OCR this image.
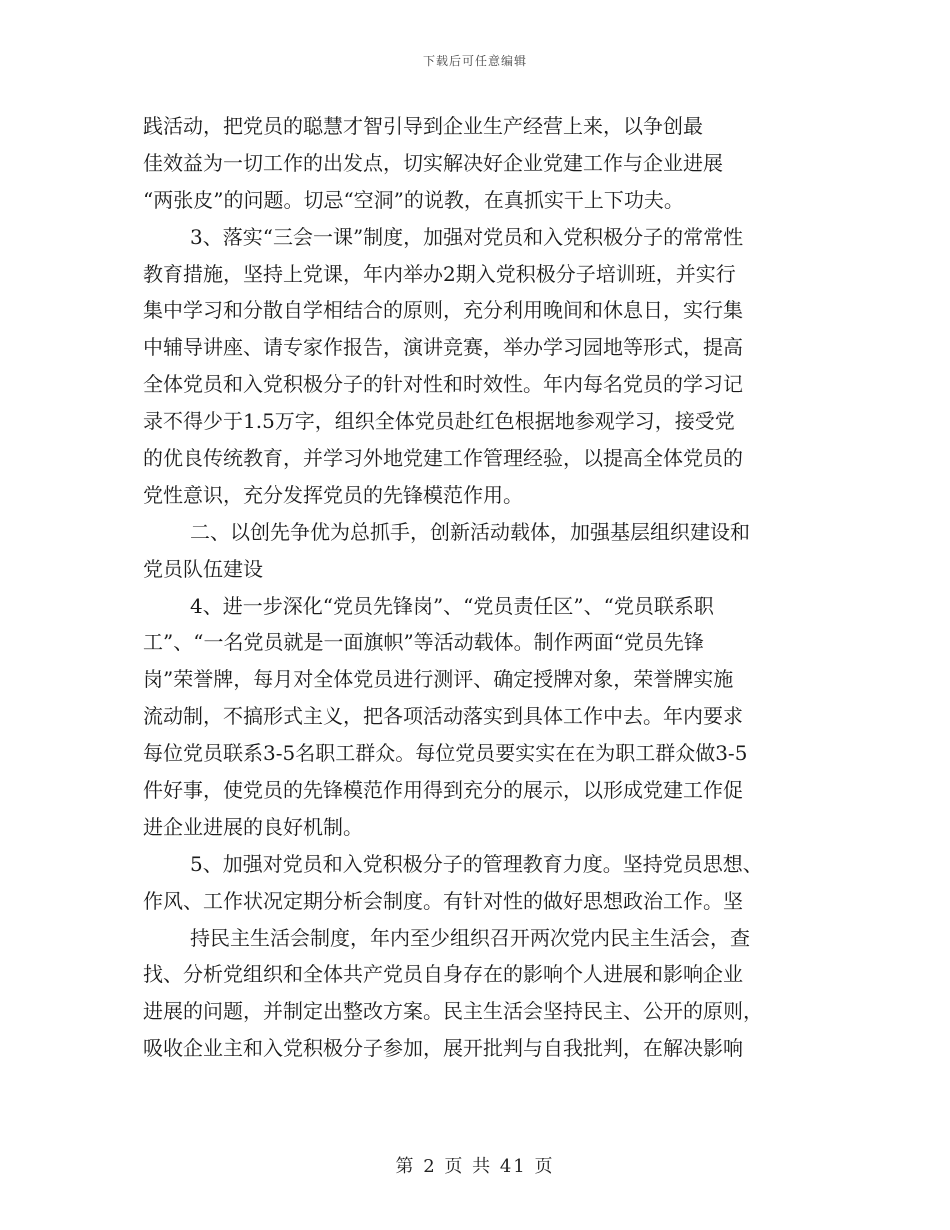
下载后可任意编辑
践活动，把党员的聪慧才智引导到企业生产经营上来，以争创最
佳效益为一切工作的出发点，切实解决好企业党建工作与企业进展
“两张皮”的问题。切忌“空洞”的说教，在真抓实干上下功夫。
3、落实“三会一课”制度，加强对党员和入党积极分子的常常性
教育措施，坚持上党课，年内举办2期入党积极分子培训班，并实行
集中学习和分散自学相结合的原则，充分利用晚间和休息日，实行集
中辅导讲座、请专家作报告，演讲竞赛，举办学习园地等形式，提高
全体党员和入党积极分子的针对性和时效性。年内每名党员的学习记
录不得少于1.5万字，组织全体党员赴红色根据地参观学习，接受党
的优良传统教育，并学习外地党建工作管理经验，以提高全体党员的
党性意识，充分发挥党员的先锋模范作用。
二、以创先争优为总抓手，创新活动载体，加强基层组织建设和
党员队伍建设
4、进一步深化“党员先锋岗”、“党员责任区”、“党员联系职
工”、“一名党员就是一面旗帜”等活动载体。制作两面“党员先锋
岗”荣誉牌，每月对全体党员进行测评、确定授牌对象，荣誉牌实施
流动制，不搞形式主义，把各项活动落实到具体工作中去。年内要求
每位党员联系3-5名职工群众。每位党员要实实在在为职工群众做3-5
件好事，使党员的先锋模范作用得到充分的展示，以形成党建工作促
进企业进展的良好机制。
5、加强对党员和入党积极分子的管理教育力度。坚持党员思想、
作风、工作状况定期分析会制度。有针对性的做好思想政治工作。坚
持民主生活会制度，年内至少组织召开两次党内民主生活会，查
找、分析党组织和全体共产党员自身存在的影响个人进展和影响企业
进展的问题，并制定出整改方案。民主生活会坚持民主、公开的原则，
吸收企业主和入党积极分子参加，展开批判与自我批判，在解决影响
第 2 页 共 41 页
